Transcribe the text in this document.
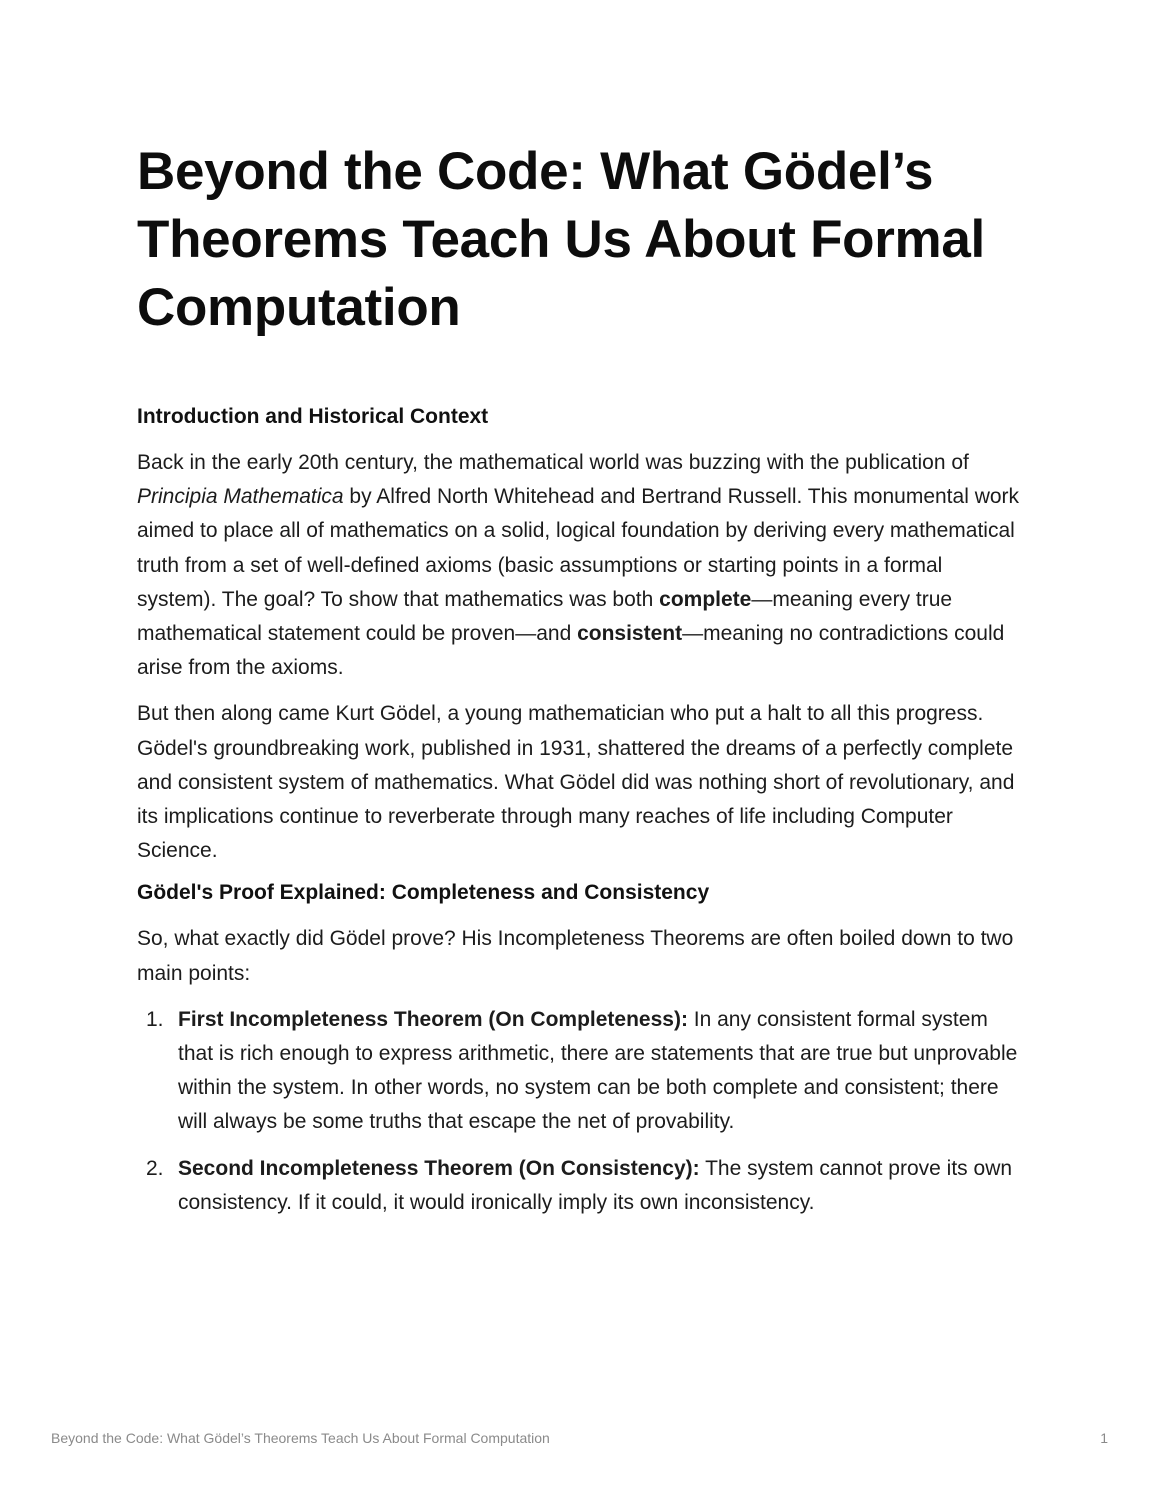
Beyond the Code: What Gödel’s Theorems Teach Us About Formal Computation
Introduction and Historical Context

Back in the early 20th century, the mathematical world was buzzing with the publication of Principia Mathematica by Alfred North Whitehead and Bertrand Russell. This monumental work aimed to place all of mathematics on a solid, logical foundation by deriving every mathematical truth from a set of well-defined axioms (basic assumptions or starting points in a formal system). The goal? To show that mathematics was both complete—meaning every true mathematical statement could be proven—and consistent—meaning no contradictions could arise from the axioms.

But then along came Kurt Gödel, a young mathematician who put a halt to all this progress. Gödel's groundbreaking work, published in 1931, shattered the dreams of a perfectly complete and consistent system of mathematics. What Gödel did was nothing short of revolutionary, and its implications continue to reverberate through many reaches of life including Computer Science.

Gödel's Proof Explained: Completeness and Consistency

So, what exactly did Gödel prove? His Incompleteness Theorems are often boiled down to two main points:

1. First Incompleteness Theorem (On Completeness): In any consistent formal system that is rich enough to express arithmetic, there are statements that are true but unprovable within the system. In other words, no system can be both complete and consistent; there will always be some truths that escape the net of provability.
2. Second Incompleteness Theorem (On Consistency): The system cannot prove its own consistency. If it could, it would ironically imply its own inconsistency.
Beyond the Code: What Gödel’s Theorems Teach Us About Formal Computation	1
